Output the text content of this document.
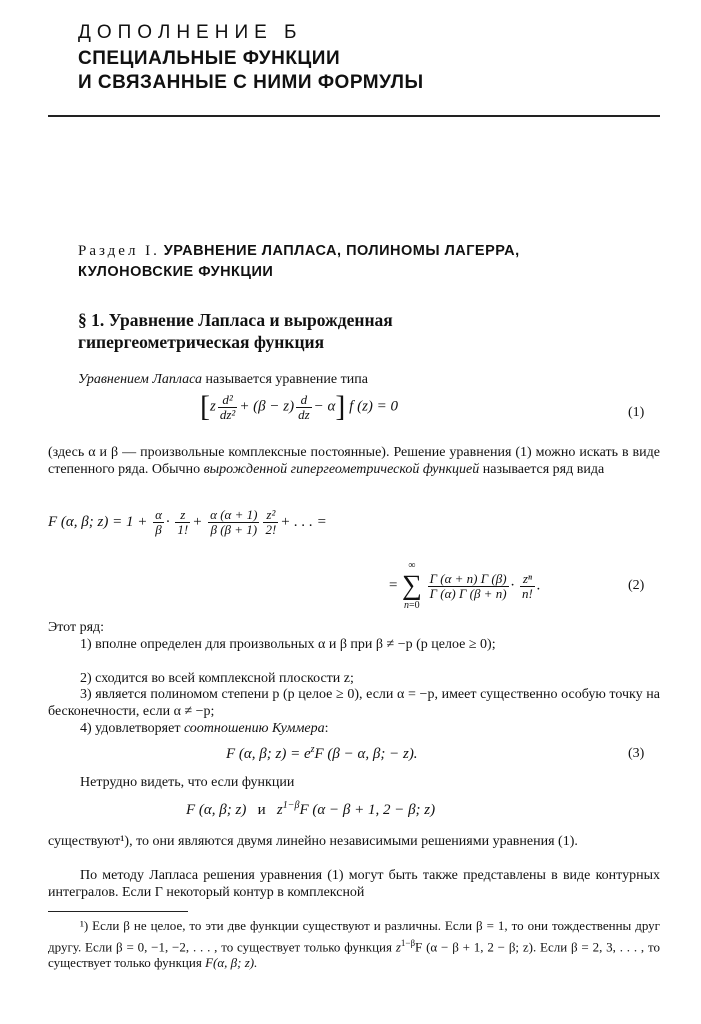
ДОПОЛНЕНИЕ Б
СПЕЦИАЛЬНЫЕ ФУНКЦИИ
И СВЯЗАННЫЕ С НИМИ ФОРМУЛЫ
Раздел I. УРАВНЕНИЕ ЛАПЛАСА, ПОЛИНОМЫ ЛАГЕРРА,
КУЛОНОВСКИЕ ФУНКЦИИ
§ 1. Уравнение Лапласа и вырожденная
гипергеометрическая функция
Уравнением Лапласа называется уравнение типа
$[z \frac{\text{d²}}{\text{dz²}} + (\beta - z) \frac{d}{dz} - \alpha]$ f (z) = 0	(1)
(здесь α и β — произвольные комплексные постоянные). Решение уравнения (1) можно искать в виде степенного ряда. Обычно вырожденной гипергеометрической функцией называется ряд вида
F (α, β; $z) = 1 + \frac{\alpha}{\beta} \cdot \frac{z}{1!} + \frac{\alpha (\alpha + 1)}{\beta (\beta + 1)} \frac{\text{z²}}{2!}$ + . . . =
=
∞
∑
n=0

$\frac{\Gamma (\alpha + n) \Gamma (\beta)}{\Gamma (\alpha) \Gamma (\beta + n)} \cdot \frac{\text{zⁿ}}{n!}$ .	(2)
Этот ряд:
1) вполне определен для произвольных α и β при β ≠ −p (p целое ≥ 0);
2) сходится во всей комплексной плоскости z;
3) является полиномом степени p (p целое ≥ 0), если α = −p, имеет существенно особую точку на бесконечности, если α ≠ −p;
4) удовлетворяет соотношению Куммера:
F (α, β; $z) = e^zF$ (β − α, β; − z).	(3)
Нетрудно видеть, что если функции
F (α, β; z) и $z^{1-\beta}F$ (α − β + 1, 2 − β; z)
существуют¹), то они являются двумя линейно независимыми решениями уравнения (1).
По методу Лапласа решения уравнения (1) могут быть также представлены в виде контурных интегралов. Если Γ некоторый контур в комплексной
¹) Если β не целое, то эти две функции существуют и различны. Если β = 1, то они тождественны друг другу. Если β = 0, −1, −2, . . . , то существует только функция $z^{1-\beta}F$ (α − β + 1, 2 − β; z). Если β = 2, 3, . . . , то существует только функция F(α, β; z).
